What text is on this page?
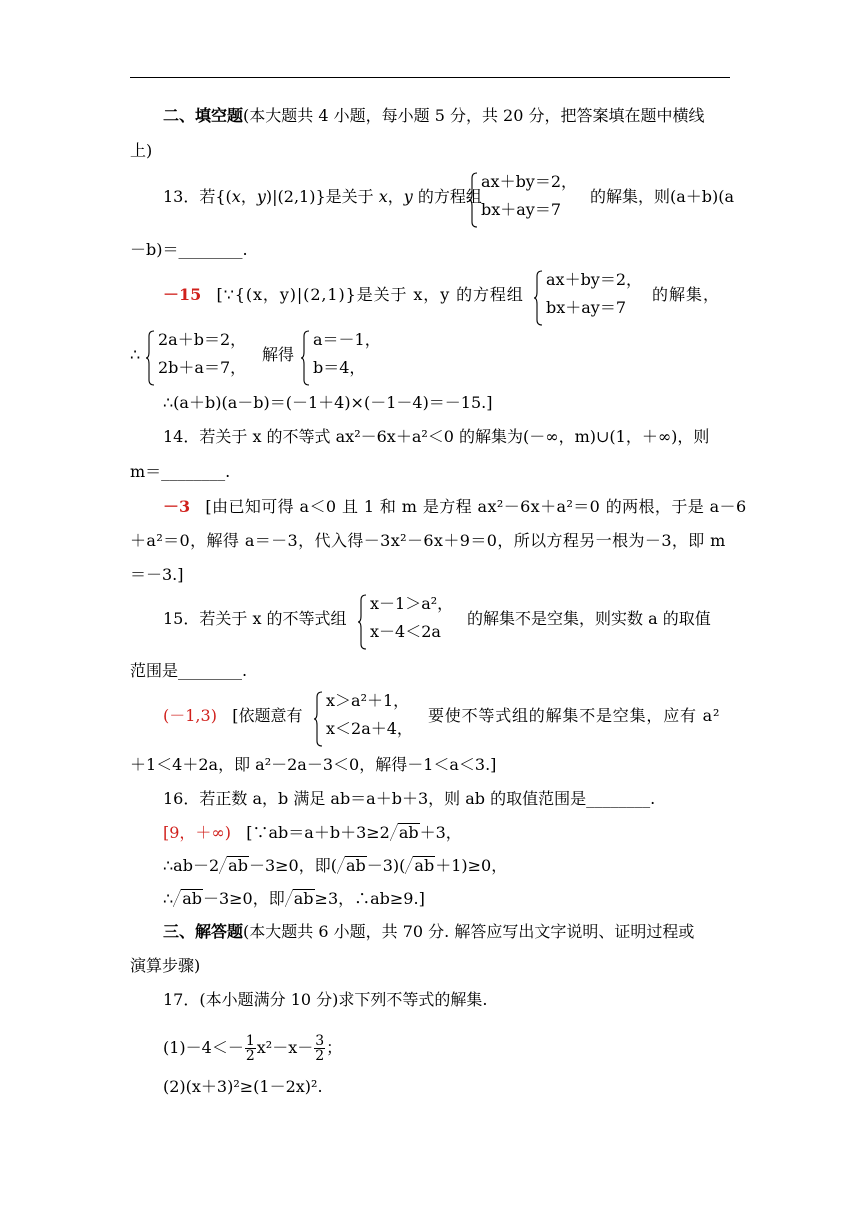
二、填空题(本大题共 4 小题，每小题 5 分，共 20 分，把答案填在题中横线
上)
13．若{(x，y)|(2,1)}是关于 x，y 的方程组
ax＋by＝2，
bx＋ay＝7
的解集，则(a＋b)(a
－b)＝________.
－15 [∵{(x，y)|(2,1)}是关于 x，y 的方程组
ax＋by＝2，
bx＋ay＝7
的解集，
∴
2a＋b＝2，
2b＋a＝7，
解得
a＝－1，
b＝4，
∴(a＋b)(a－b)＝(－1＋4)×(－1－4)＝－15.]
14．若关于 x 的不等式 ax²－6x＋a²＜0 的解集为(－∞，m)∪(1，＋∞)，则
m＝________.
－3 [由已知可得 a＜0 且 1 和 m 是方程 ax²－6x＋a²＝0 的两根，于是 a－6
＋a²＝0，解得 a＝－3，代入得－3x²－6x＋9＝0，所以方程另一根为－3，即 m
＝－3.]
15．若关于 x 的不等式组
x－1＞a²，
x－4＜2a
的解集不是空集，则实数 a 的取值
范围是________.
(－1,3) [依题意有
x＞a²＋1，
x＜2a＋4，
要使不等式组的解集不是空集，应有 a²
＋1＜4＋2a，即 a²－2a－3＜0，解得－1＜a＜3.]
16．若正数 a，b 满足 ab＝a＋b＋3，则 ab 的取值范围是________.
[9，＋∞) [∵ab＝a＋b＋3≥2 ab＋3，
∴ab－2 ab－3≥0，即( ab－3)( ab＋1)≥0，
∴ ab－3≥0，即 ab≥3，∴ab≥9.]
三、解答题(本大题共 6 小题，共 70 分. 解答应写出文字说明、证明过程或
演算步骤)
17．(本小题满分 10 分)求下列不等式的解集.
$(1)-4<- \frac{1}{2} x^2-x- \frac{3}{2}$ ；
(2)(x＋3)²≥(1－2x)².
